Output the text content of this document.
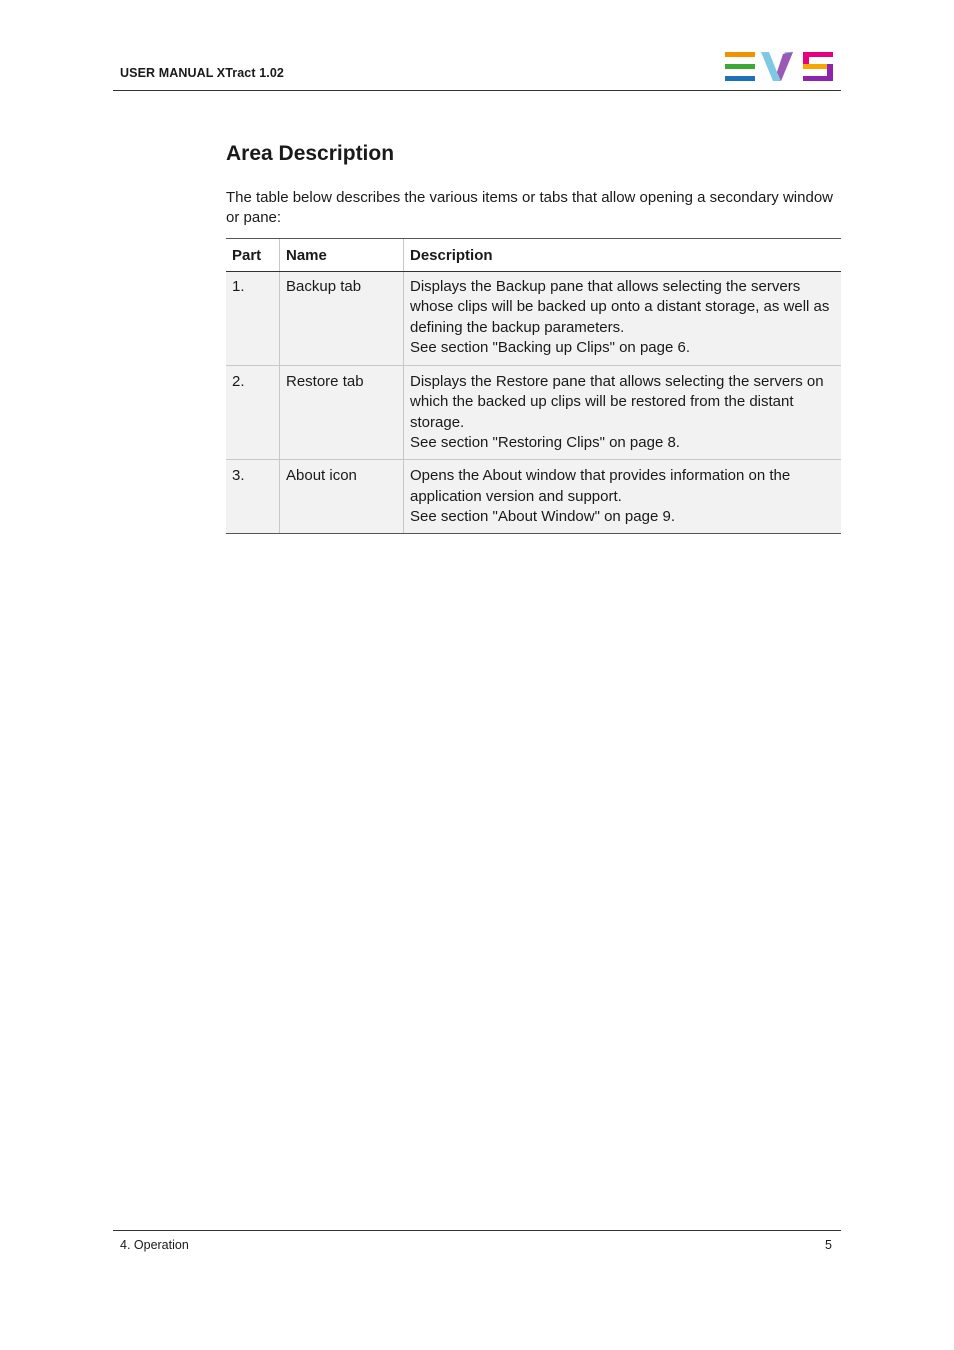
USER MANUAL XTract 1.02
Area Description
The table below describes the various items or tabs that allow opening a secondary window or pane:
Part	Name	Description
1.	Backup tab	Displays the Backup pane that allows selecting the servers whose clips will be backed up onto a distant storage, as well as defining the backup parameters.
See section "Backing up Clips" on page 6.

2.	Restore tab	Displays the Restore pane that allows selecting the servers on which the backed up clips will be restored from the distant storage.
See section "Restoring Clips" on page 8.

3.	About icon	Opens the About window that provides information on the application version and support.
See section "About Window" on page 9.
4. Operation	5
